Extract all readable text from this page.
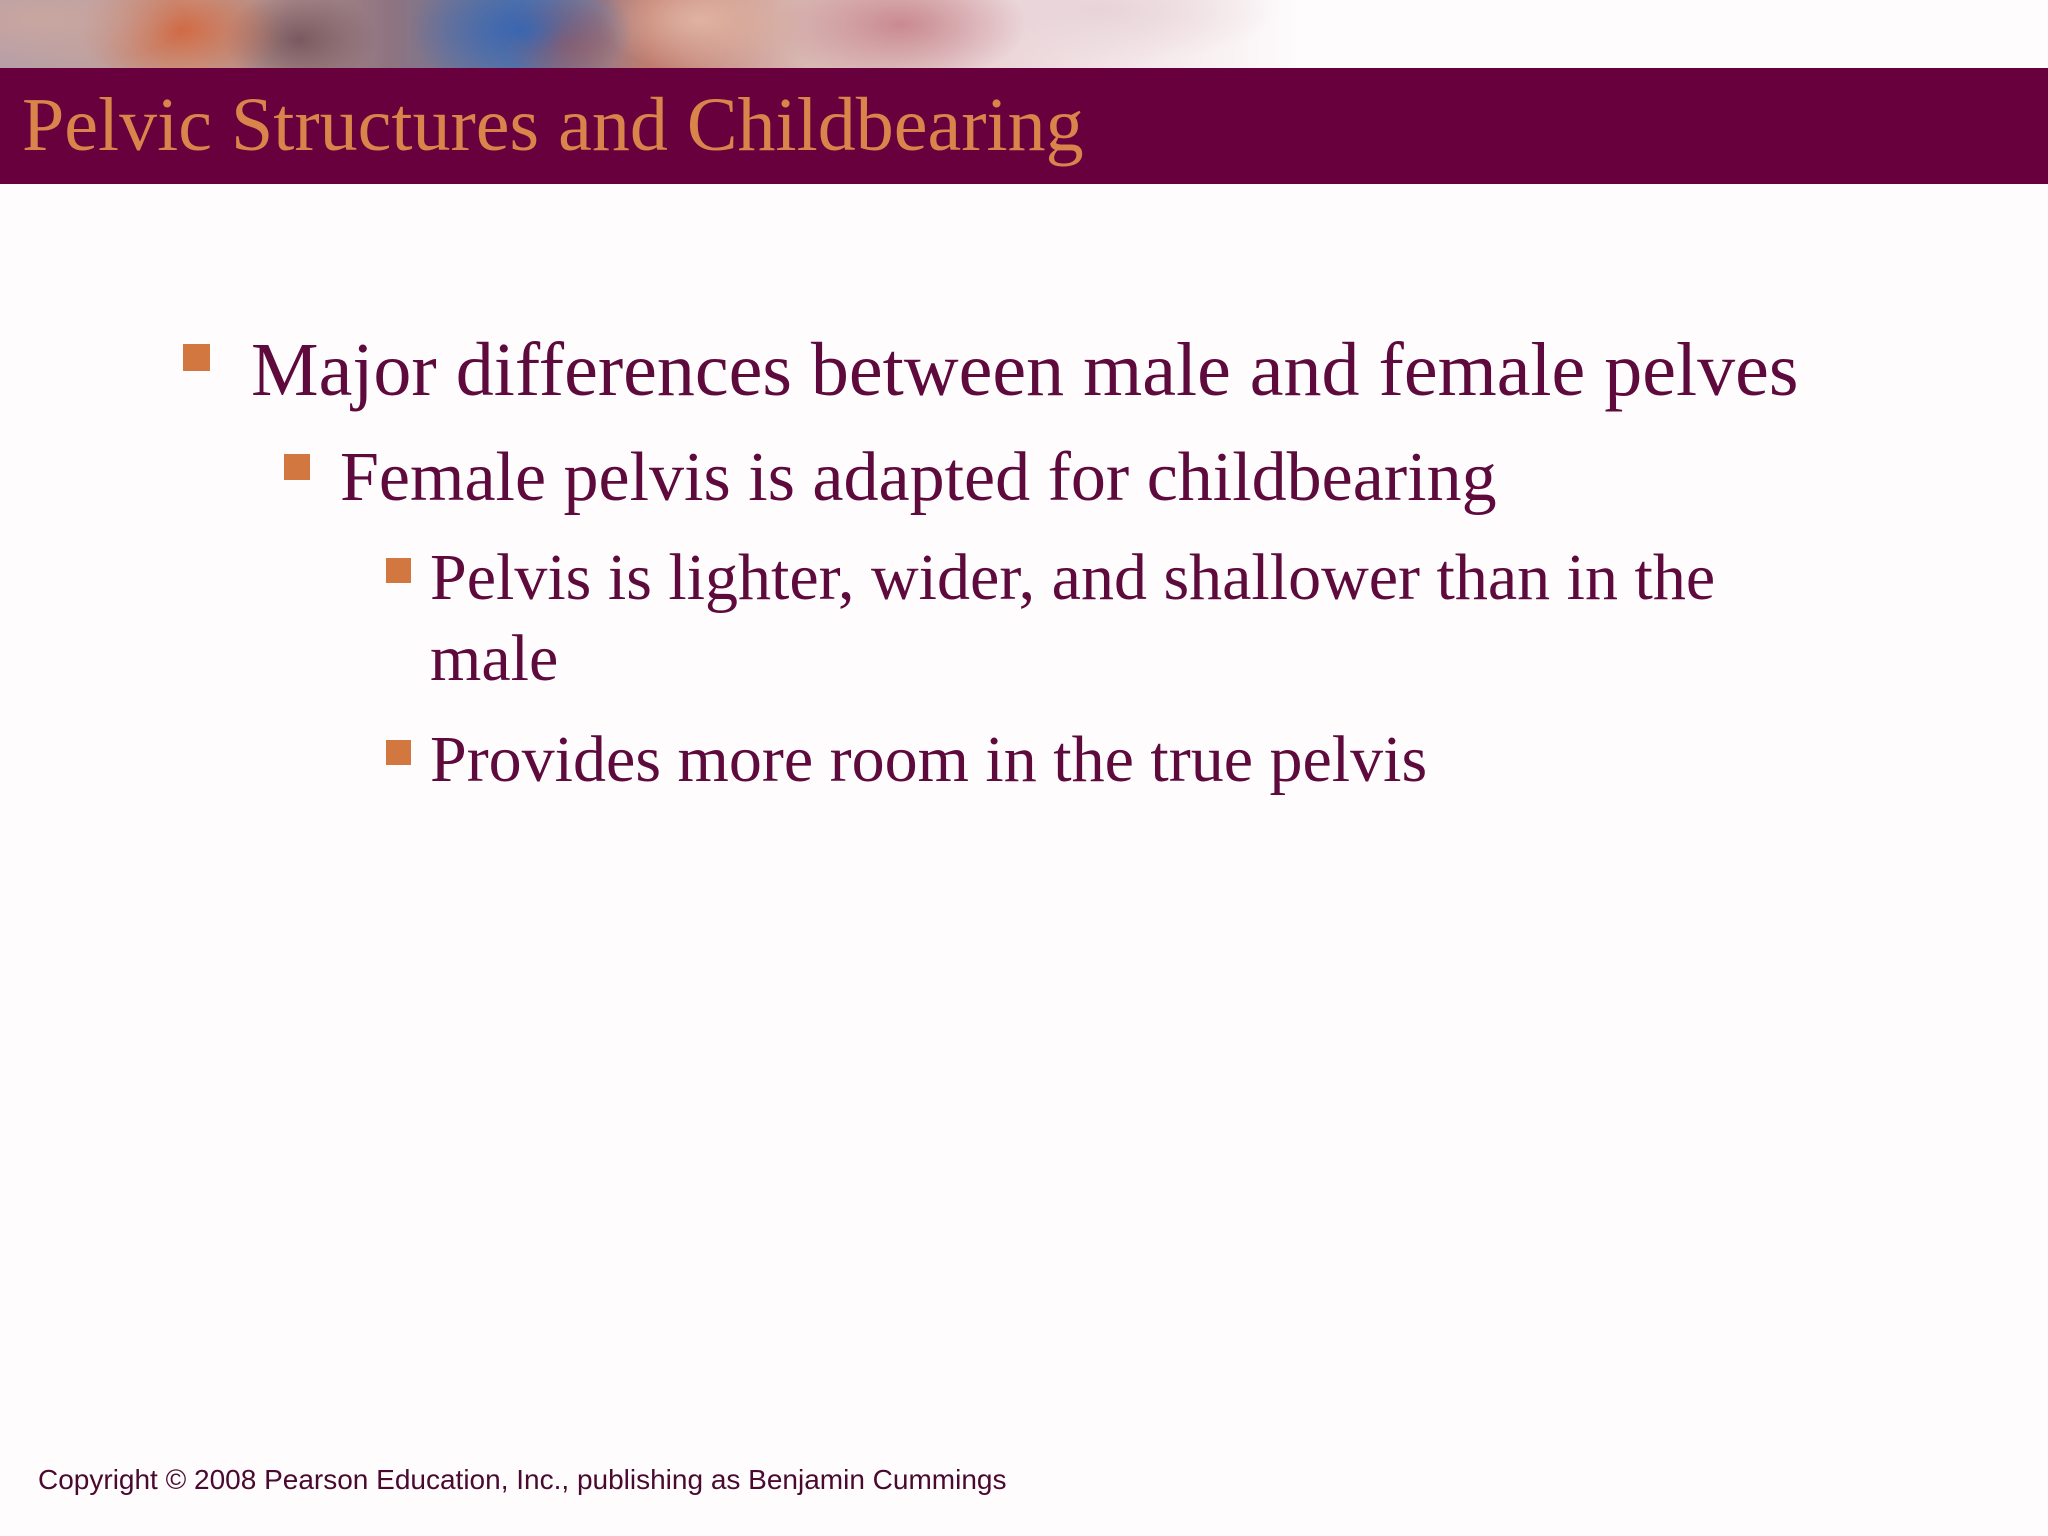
Pelvic Structures and Childbearing
Major differences between male and female pelves
Female pelvis is adapted for childbearing
Pelvis is lighter, wider, and shallower than in the male
Provides more room in the true pelvis
Copyright © 2008 Pearson Education, Inc., publishing as Benjamin Cummings
